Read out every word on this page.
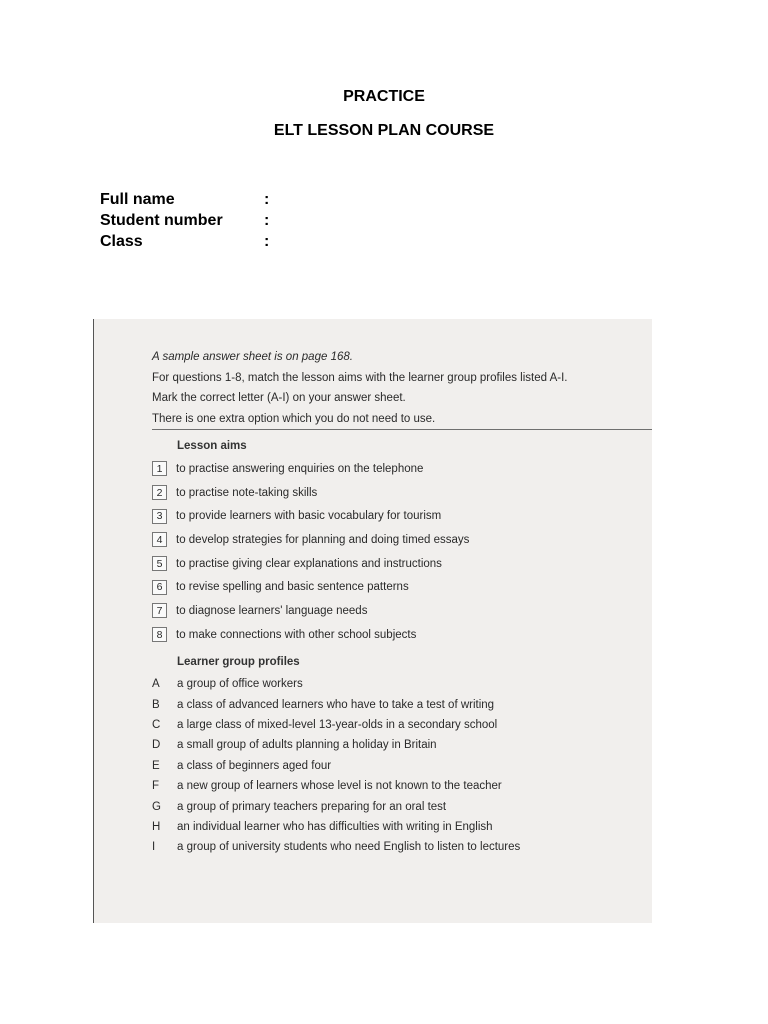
PRACTICE
ELT LESSON PLAN COURSE
Full name	:
Student number	:
Class	:
A sample answer sheet is on page 168.
For questions 1-8, match the lesson aims with the learner group profiles listed A-I.
Mark the correct letter (A-I) on your answer sheet.
There is one extra option which you do not need to use.
Lesson aims
1	to practise answering enquiries on the telephone
2	to practise note-taking skills
3	to provide learners with basic vocabulary for tourism
4	to develop strategies for planning and doing timed essays
5	to practise giving clear explanations and instructions
6	to revise spelling and basic sentence patterns
7	to diagnose learners' language needs
8	to make connections with other school subjects
Learner group profiles
A	a group of office workers
B	a class of advanced learners who have to take a test of writing
C	a large class of mixed-level 13-year-olds in a secondary school
D	a small group of adults planning a holiday in Britain
E	a class of beginners aged four
F	a new group of learners whose level is not known to the teacher
G	a group of primary teachers preparing for an oral test
H	an individual learner who has difficulties with writing in English
I	a group of university students who need English to listen to lectures
